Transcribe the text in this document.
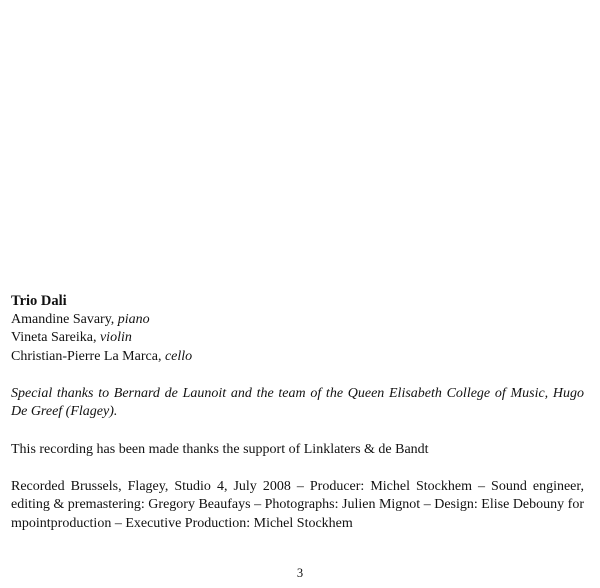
Trio Dali

Amandine Savary, piano

Vineta Sareika, violin

Christian-Pierre La Marca, cello

Special thanks to Bernard de Launoit and the team of the Queen Elisabeth College of Music, Hugo De Greef (Flagey).

This recording has been made thanks the support of Linklaters & de Bandt

Recorded Brussels, Flagey, Studio 4, July 2008 – Producer: Michel Stockhem – Sound engineer, editing & premastering: Gregory Beaufays – Photographs: Julien Mignot – Design: Elise Debouny for mpointproduction – Executive Production: Michel Stockhem

3
